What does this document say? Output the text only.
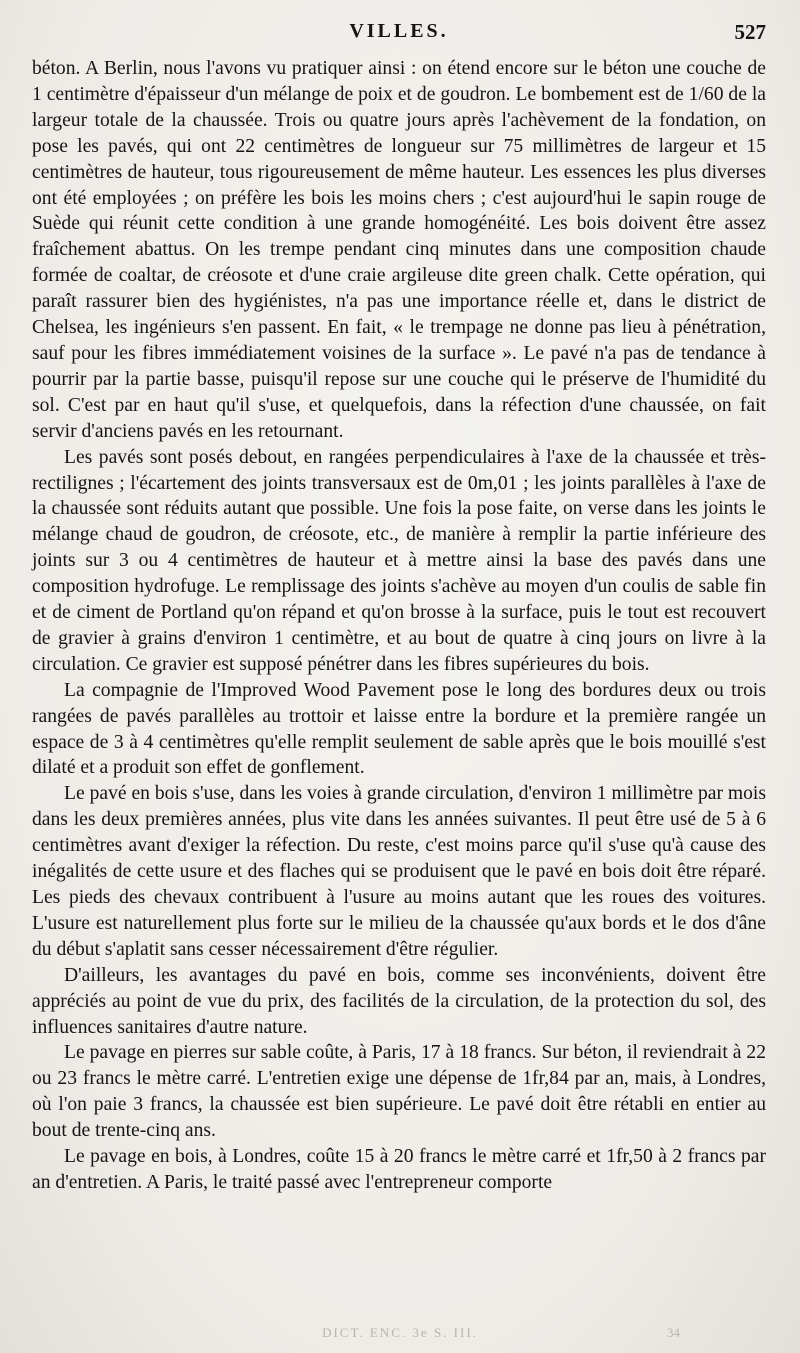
VILLES.	527

béton. A Berlin, nous l'avons vu pratiquer ainsi : on étend encore sur le béton une couche de 1 centimètre d'épaisseur d'un mélange de poix et de goudron. Le bombement est de 1/60 de la largeur totale de la chaussée. Trois ou quatre jours après l'achèvement de la fondation, on pose les pavés, qui ont 22 centimètres de longueur sur 75 millimètres de largeur et 15 centimètres de hauteur, tous rigoureusement de même hauteur. Les essences les plus diverses ont été employées ; on préfère les bois les moins chers ; c'est aujourd'hui le sapin rouge de Suède qui réunit cette condition à une grande homogénéité. Les bois doivent être assez fraîchement abattus. On les trempe pendant cinq minutes dans une composition chaude formée de coaltar, de créosote et d'une craie argileuse dite green chalk. Cette opération, qui paraît rassurer bien des hygiénistes, n'a pas une importance réelle et, dans le district de Chelsea, les ingénieurs s'en passent. En fait, « le trempage ne donne pas lieu à pénétration, sauf pour les fibres immédiatement voisines de la surface ». Le pavé n'a pas de tendance à pourrir par la partie basse, puisqu'il repose sur une couche qui le préserve de l'humidité du sol. C'est par en haut qu'il s'use, et quelquefois, dans la réfection d'une chaussée, on fait servir d'anciens pavés en les retournant.

Les pavés sont posés debout, en rangées perpendiculaires à l'axe de la chaussée et très-rectilignes ; l'écartement des joints transversaux est de 0m,01 ; les joints parallèles à l'axe de la chaussée sont réduits autant que possible. Une fois la pose faite, on verse dans les joints le mélange chaud de goudron, de créosote, etc., de manière à remplir la partie inférieure des joints sur 3 ou 4 centimètres de hauteur et à mettre ainsi la base des pavés dans une composition hydrofuge. Le remplissage des joints s'achève au moyen d'un coulis de sable fin et de ciment de Portland qu'on répand et qu'on brosse à la surface, puis le tout est recouvert de gravier à grains d'environ 1 centimètre, et au bout de quatre à cinq jours on livre à la circulation. Ce gravier est supposé pénétrer dans les fibres supérieures du bois.

La compagnie de l'Improved Wood Pavement pose le long des bordures deux ou trois rangées de pavés parallèles au trottoir et laisse entre la bordure et la première rangée un espace de 3 à 4 centimètres qu'elle remplit seulement de sable après que le bois mouillé s'est dilaté et a produit son effet de gonflement.

Le pavé en bois s'use, dans les voies à grande circulation, d'environ 1 millimètre par mois dans les deux premières années, plus vite dans les années suivantes. Il peut être usé de 5 à 6 centimètres avant d'exiger la réfection. Du reste, c'est moins parce qu'il s'use qu'à cause des inégalités de cette usure et des flaches qui se produisent que le pavé en bois doit être réparé. Les pieds des chevaux contribuent à l'usure au moins autant que les roues des voitures. L'usure est naturellement plus forte sur le milieu de la chaussée qu'aux bords et le dos d'âne du début s'aplatit sans cesser nécessairement d'être régulier.

D'ailleurs, les avantages du pavé en bois, comme ses inconvénients, doivent être appréciés au point de vue du prix, des facilités de la circulation, de la protection du sol, des influences sanitaires d'autre nature.

Le pavage en pierres sur sable coûte, à Paris, 17 à 18 francs. Sur béton, il reviendrait à 22 ou 23 francs le mètre carré. L'entretien exige une dépense de 1fr,84 par an, mais, à Londres, où l'on paie 3 francs, la chaussée est bien supérieure. Le pavé doit être rétabli en entier au bout de trente-cinq ans.

Le pavage en bois, à Londres, coûte 15 à 20 francs le mètre carré et 1fr,50 à 2 francs par an d'entretien. A Paris, le traité passé avec l'entrepreneur comporte

DICT. ENC. 3e S. III.	34
